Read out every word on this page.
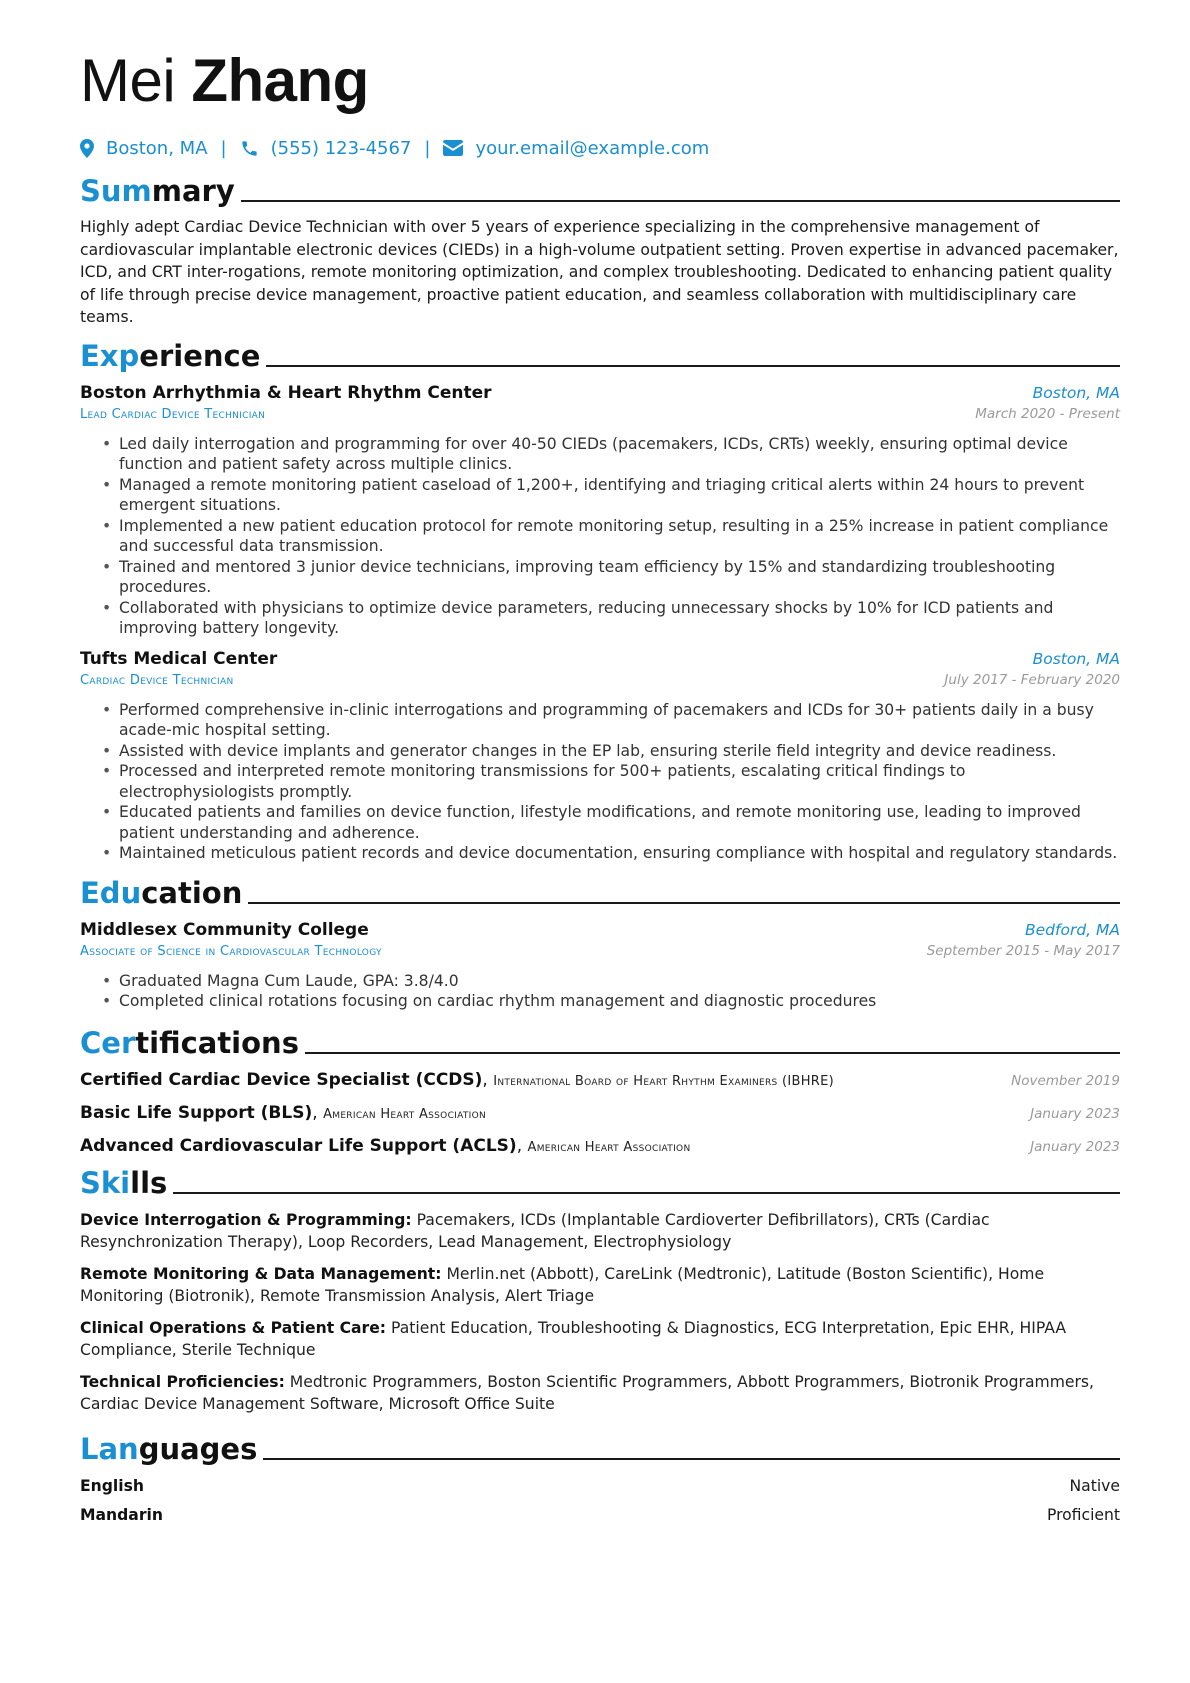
Mei Zhang
Boston, MA | (555) 123-4567 |	your.email@example.com
Summary

Highly adept Cardiac Device Technician with over 5 years of experience specializing in the comprehensive management of cardiovascular implantable electronic devices (CIEDs) in a high-volume outpatient setting. Proven expertise in advanced pacemaker, ICD, and CRT inter-rogations, remote monitoring optimization, and complex troubleshooting. Dedicated to enhancing patient quality of life through precise device management, proactive patient education, and seamless collaboration with multidisciplinary care teams.

Experience
Boston Arrhythmia & Heart Rhythm Center	Boston, MA
Lead Cardiac Device Technician	March 2020 - Present
• Led daily interrogation and programming for over 40-50 CIEDs (pacemakers, ICDs, CRTs) weekly, ensuring optimal device function and patient safety across multiple clinics.
• Managed a remote monitoring patient caseload of 1,200+, identifying and triaging critical alerts within 24 hours to prevent emergent situations.
• Implemented a new patient education protocol for remote monitoring setup, resulting in a 25% increase in patient compliance and successful data transmission.
• Trained and mentored 3 junior device technicians, improving team efficiency by 15% and standardizing troubleshooting procedures.
• Collaborated with physicians to optimize device parameters, reducing unnecessary shocks by 10% for ICD patients and improving battery longevity.
Tufts Medical Center	Boston, MA
Cardiac Device Technician	July 2017 - February 2020
• Performed comprehensive in-clinic interrogations and programming of pacemakers and ICDs for 30+ patients daily in a busy acade-mic hospital setting.
• Assisted with device implants and generator changes in the EP lab, ensuring sterile field integrity and device readiness.
• Processed and interpreted remote monitoring transmissions for 500+ patients, escalating critical findings to electrophysiologists promptly.
• Educated patients and families on device function, lifestyle modifications, and remote monitoring use, leading to improved patient understanding and adherence.
• Maintained meticulous patient records and device documentation, ensuring compliance with hospital and regulatory standards.
Education
Middlesex Community College	Bedford, MA
Associate of Science in Cardiovascular Technology	September 2015 - May 2017
• Graduated Magna Cum Laude, GPA: 3.8/4.0
• Completed clinical rotations focusing on cardiac rhythm management and diagnostic procedures
Certifications
Certified Cardiac Device Specialist (CCDS), International Board of Heart Rhythm Examiners (IBHRE)	November 2019
Basic Life Support (BLS), American Heart Association	January 2023
Advanced Cardiovascular Life Support (ACLS), American Heart Association	January 2023
Skills

Device Interrogation & Programming: Pacemakers, ICDs (Implantable Cardioverter Defibrillators), CRTs (Cardiac Resynchronization Therapy), Loop Recorders, Lead Management, Electrophysiology

Remote Monitoring & Data Management: Merlin.net (Abbott), CareLink (Medtronic), Latitude (Boston Scientific), Home Monitoring (Biotronik), Remote Transmission Analysis, Alert Triage

Clinical Operations & Patient Care: Patient Education, Troubleshooting & Diagnostics, ECG Interpretation, Epic EHR, HIPAA Compliance, Sterile Technique

Technical Proficiencies: Medtronic Programmers, Boston Scientific Programmers, Abbott Programmers, Biotronik Programmers, Cardiac Device Management Software, Microsoft Office Suite

Languages
English	Native
Mandarin	Proficient
